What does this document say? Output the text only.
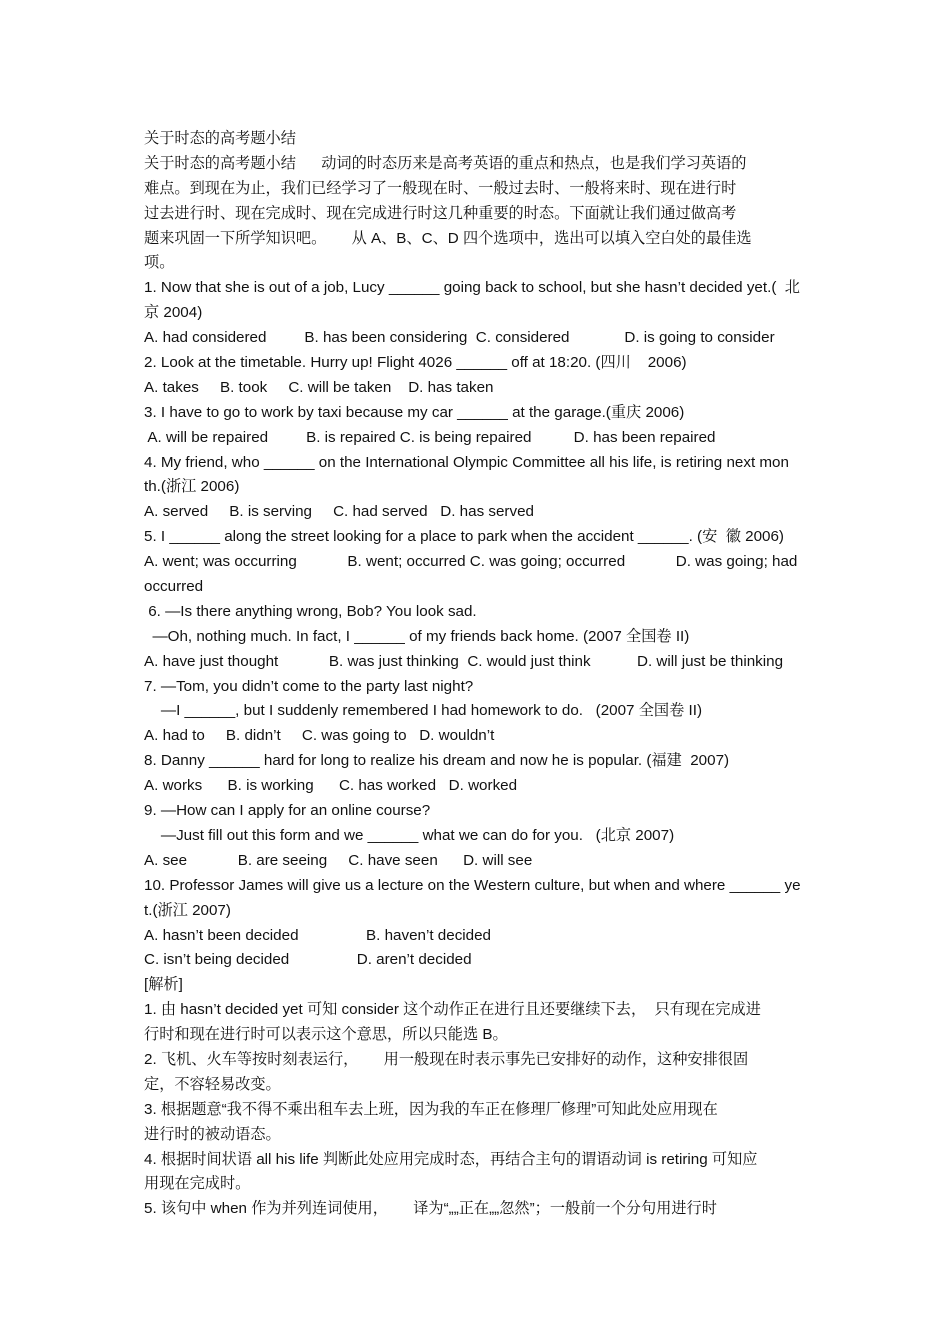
关于时态的高考题小结
关于时态的高考题小结      动词的时态历来是高考英语的重点和热点，也是我们学习英语的
难点。到现在为止，我们已经学习了一般现在时、一般过去时、一般将来时、现在进行时
过去进行时、现在完成时、现在完成进行时这几种重要的时态。下面就让我们通过做高考
题来巩固一下所学知识吧。      从 A、B、C、D 四个选项中，选出可以填入空白处的最佳选
项。
1. Now that she is out of a job, Lucy ______ going back to school, but she hasn’t decided yet.(  北
京 2004)
A. had considered         B. has been considering  C. considered             D. is going to consider
2. Look at the timetable. Hurry up! Flight 4026 ______ off at 18:20. (四川    2006)
A. takes     B. took     C. will be taken    D. has taken
3. I have to go to work by taxi because my car ______ at the garage.(重庆 2006)
A. will be repaired         B. is repaired C. is being repaired          D. has been repaired
4. My friend, who ______ on the International Olympic Committee all his life, is retiring next mon
th.(浙江 2006)
A. served     B. is serving     C. had served   D. has served
5. I ______ along the street looking for a place to park when the accident ______. (安  徽 2006)
A. went; was occurring            B. went; occurred C. was going; occurred            D. was going; had
occurred
6. —Is there anything wrong, Bob? You look sad.
—Oh, nothing much. In fact, I ______ of my friends back home. (2007 全国卷 II)
A. have just thought            B. was just thinking  C. would just think           D. will just be thinking
7. —Tom, you didn’t come to the party last night?
—I ______, but I suddenly remembered I had homework to do.   (2007 全国卷 II)
A. had to     B. didn’t     C. was going to   D. wouldn’t
8. Danny ______ hard for long to realize his dream and now he is popular. (福建  2007)
A. works      B. is working      C. has worked   D. worked
9. —How can I apply for an online course?
—Just fill out this form and we ______ what we can do for you.   (北京 2007)
A. see            B. are seeing     C. have seen      D. will see
10. Professor James will give us a lecture on the Western culture, but when and where ______ ye
t.(浙江 2007)
A. hasn’t been decided                B. haven’t decided
C. isn’t being decided                D. aren’t decided
[解析]
1. 由 hasn’t decided yet 可知 consider 这个动作正在进行且还要继续下去，  只有现在完成进
行时和现在进行时可以表示这个意思，所以只能选 B。
2. 飞机、火车等按时刻表运行，      用一般现在时表示事先已安排好的动作，这种安排很固
定，不容轻易改变。
3. 根据题意“我不得不乘出租车去上班，因为我的车正在修理厂修理”可知此处应用现在
进行时的被动语态。
4. 根据时间状语 all his life 判断此处应用完成时态，再结合主句的谓语动词 is retiring 可知应
用现在完成时。
5. 该句中 when 作为并列连词使用，      译为“„„正在„„忽然”；一般前一个分句用进行时
